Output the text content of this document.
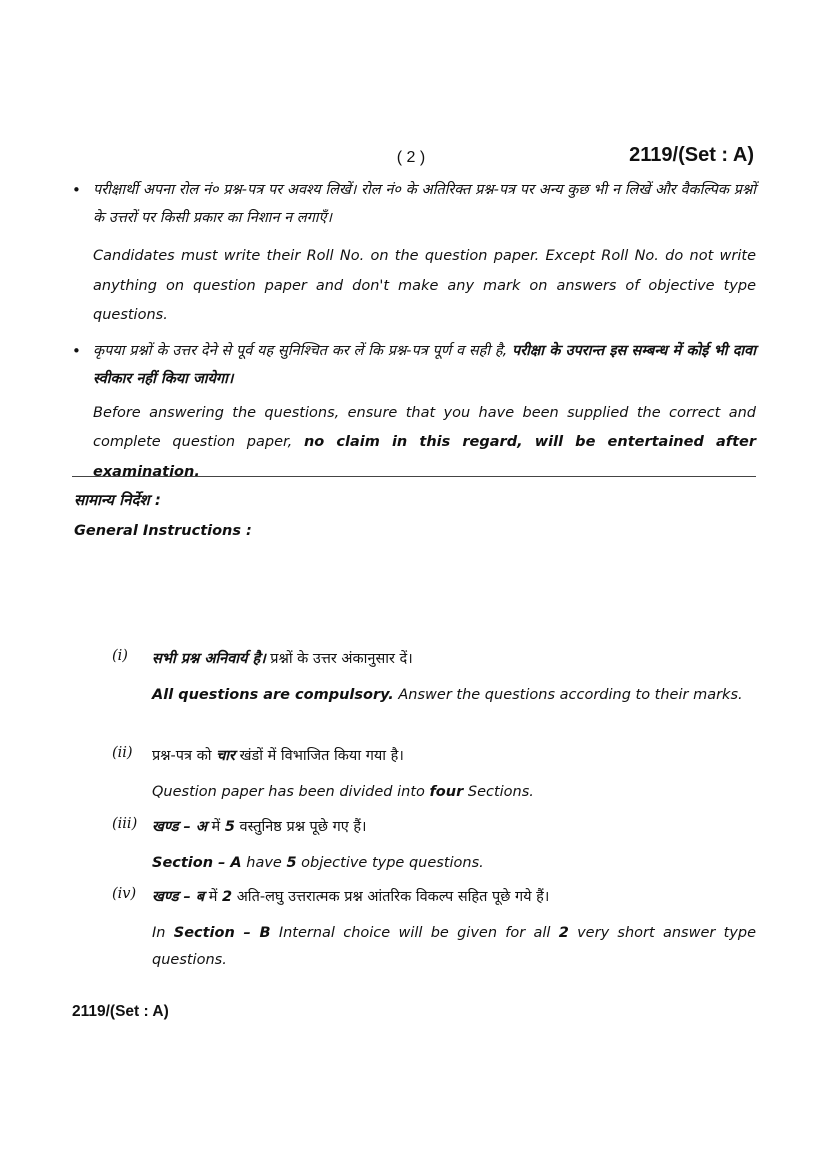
( 2 )	2119/(Set : A)
• परीक्षार्थी अपना रोल नं० प्रश्न-पत्र पर अवश्य लिखें। रोल नं० के अतिरिक्त प्रश्न-पत्र पर अन्य कुछ भी न लिखें और वैकल्पिक प्रश्नों के उत्तरों पर किसी प्रकार का निशान न लगाएँ।
Candidates must write their Roll No. on the question paper. Except Roll No. do not write anything on question paper and don't make any mark on answers of objective type questions.
• कृपया प्रश्नों के उत्तर देने से पूर्व यह सुनिश्चित कर लें कि प्रश्न-पत्र पूर्ण व सही है, परीक्षा के उपरान्त इस सम्बन्ध में कोई भी दावा स्वीकार नहीं किया जायेगा।
Before answering the questions, ensure that you have been supplied the correct and complete question paper, no claim in this regard, will be entertained after examination.
सामान्य निर्देश :
General Instructions :
(i)	सभी प्रश्न अनिवार्य है। प्रश्नों के उत्तर अंकानुसार दें।
All questions are compulsory. Answer the questions according to their marks.
(ii)	प्रश्न-पत्र को चार खंडों में विभाजित किया गया है।
Question paper has been divided into four Sections.
(iii)	खण्ड – अ में 5 वस्तुनिष्ठ प्रश्न पूछे गए हैं।
Section – A have 5 objective type questions.
(iv)	खण्ड – ब में 2 अति-लघु उत्तरात्मक प्रश्न आंतरिक विकल्प सहित पूछे गये हैं।
In Section – B Internal choice will be given for all 2 very short answer type questions.
2119/(Set : A)
